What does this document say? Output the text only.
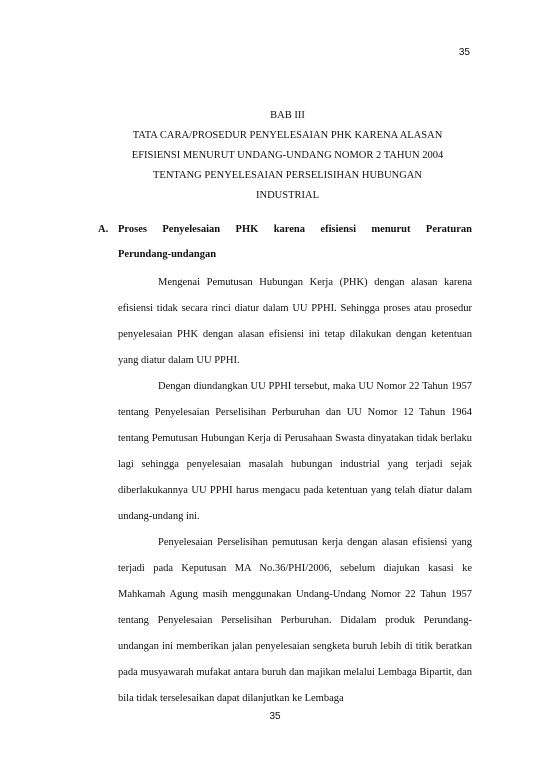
35
BAB III
TATA CARA/PROSEDUR PENYELESAIAN PHK KARENA ALASAN
EFISIENSI MENURUT UNDANG-UNDANG NOMOR 2 TAHUN 2004
TENTANG PENYELESAIAN PERSELISIHAN HUBUNGAN
INDUSTRIAL
A. Proses Penyelesaian PHK karena efisiensi menurut Peraturan
Perundang-undangan

Mengenai Pemutusan Hubungan Kerja (PHK) dengan alasan karena efisiensi tidak secara rinci diatur dalam UU PPHI. Sehingga proses atau prosedur penyelesaian PHK dengan alasan efisiensi ini tetap dilakukan dengan ketentuan yang diatur dalam UU PPHI.

Dengan diundangkan UU PPHI tersebut, maka UU Nomor 22 Tahun 1957 tentang Penyelesaian Perselisihan Perburuhan dan UU Nomor 12 Tahun 1964 tentang Pemutusan Hubungan Kerja di Perusahaan Swasta dinyatakan tidak berlaku lagi sehingga penyelesaian masalah hubungan industrial yang terjadi sejak diberlakukannya UU PPHI harus mengacu pada ketentuan yang telah diatur dalam undang-undang ini.

Penyelesaian Perselisihan pemutusan kerja dengan alasan efisiensi yang terjadi pada Keputusan MA No.36/PHI/2006, sebelum diajukan kasasi ke Mahkamah Agung masih menggunakan Undang-Undang Nomor 22 Tahun 1957 tentang Penyelesaian Perselisihan Perburuhan. Didalam produk Perundang- undangan ini memberikan jalan penyelesaian sengketa buruh lebih di titik beratkan pada musyawarah mufakat antara buruh dan majikan melalui Lembaga Bipartit, dan bila tidak terselesaikan dapat dilanjutkan ke Lembaga

35
